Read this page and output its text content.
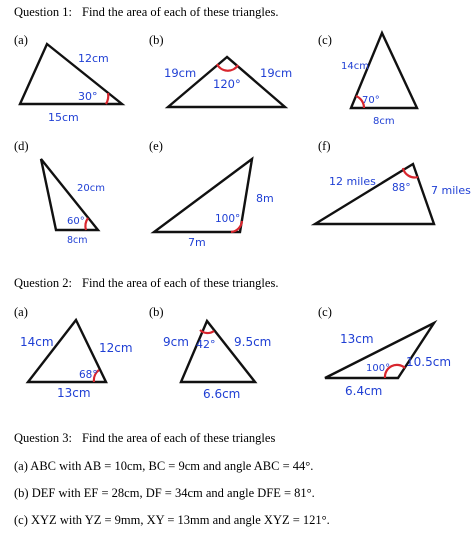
Question 1: Find the area of each of these triangles.
Question 2: Find the area of each of these triangles.
Question 3: Find the area of each of these triangles
(a)	(b)	(c)
(d)	(e)	(f)
(a)	(b)	(c)
(a) ABC with AB = 10cm, BC = 9cm and angle ABC = 44°.
(b) DEF with EF = 28cm, DF = 34cm and angle DFE = 81°.
(c) XYZ with YZ = 9mm, XY = 13mm and angle XYZ = 121°.
12cm
15cm
30°
19cm	19cm
120°
14cm
8cm
70°
20cm
8cm
60°
8m
7m
100°
12 miles
7 miles
88°
14cm	12cm
13cm
68°
9cm	9.5cm
6.6cm
42°	13cm
10.5cm
6.4cm
100°
